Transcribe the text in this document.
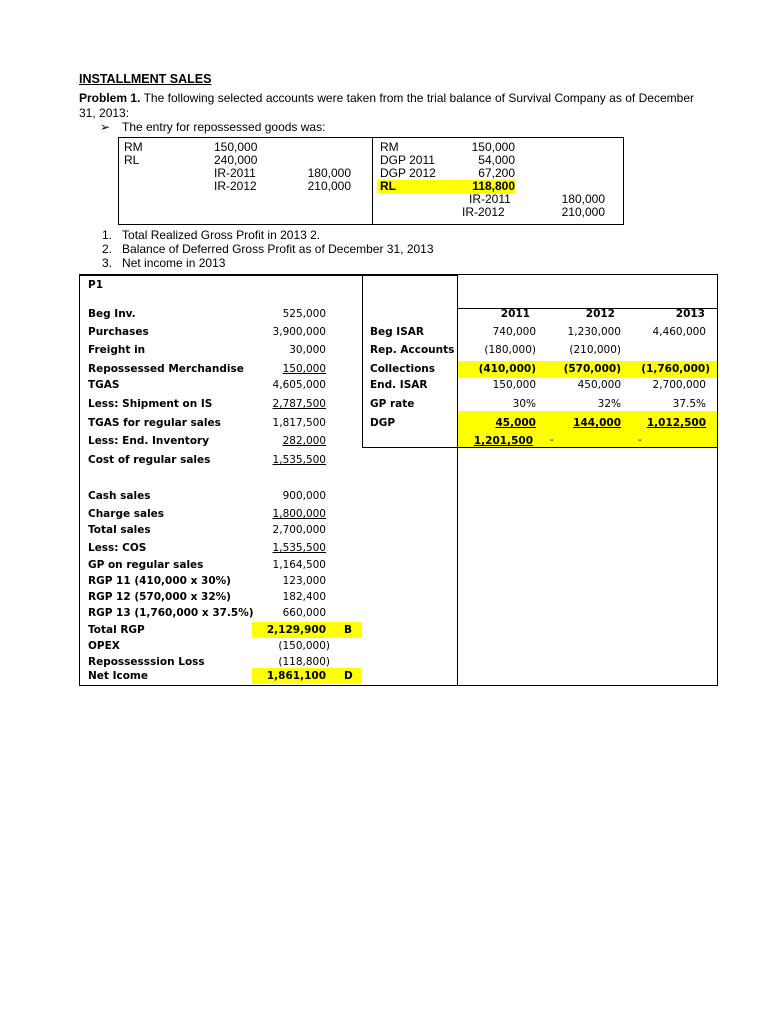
INSTALLMENT SALES
Problem 1. The following selected accounts were taken from the trial balance of Survival Company as of December 31, 2013:
➢ The entry for repossessed goods was:
RM	150,000
RL	240,000
IR-2011	180,000
IR-2012	210,000
RM	150,000
DGP 2011	54,000
DGP 2012	67,200
RL	118,800
IR-2011	180,000
IR-2012	210,000
1. Total Realized Gross Profit in 2013 2.
2. Balance of Deferred Gross Profit as of December 31, 2013
3. Net income in 2013
P1
Beg Inv.	525,000
Purchases	3,900,000
Freight in	30,000
Repossessed Merchandise	150,000
TGAS	4,605,000
Less: Shipment on IS	2,787,500
TGAS for regular sales	1,817,500
Less: End. Inventory	282,000
Cost of regular sales	1,535,500
Cash sales	900,000
Charge sales	1,800,000
Total sales	2,700,000
Less: COS	1,535,500
GP on regular sales	1,164,500
RGP 11 (410,000 x 30%)	123,000
RGP 12 (570,000 x 32%)	182,400
RGP 13 (1,760,000 x 37.5%)	660,000
Total RGP	2,129,900 B
OPEX	(150,000)
Repossesssion Loss	(118,800)
Net Icome	1,861,100 D
2011	2012	2013
Beg ISAR	740,000	1,230,000	4,460,000
Rep. Accounts	(180,000)	(210,000)
Collections	(410,000)	(570,000)	(1,760,000)
End. ISAR	150,000	450,000	2,700,000
GP rate	30%	32%	37.5%
DGP	45,000	144,000	1,012,500
1,201,500 -	-
